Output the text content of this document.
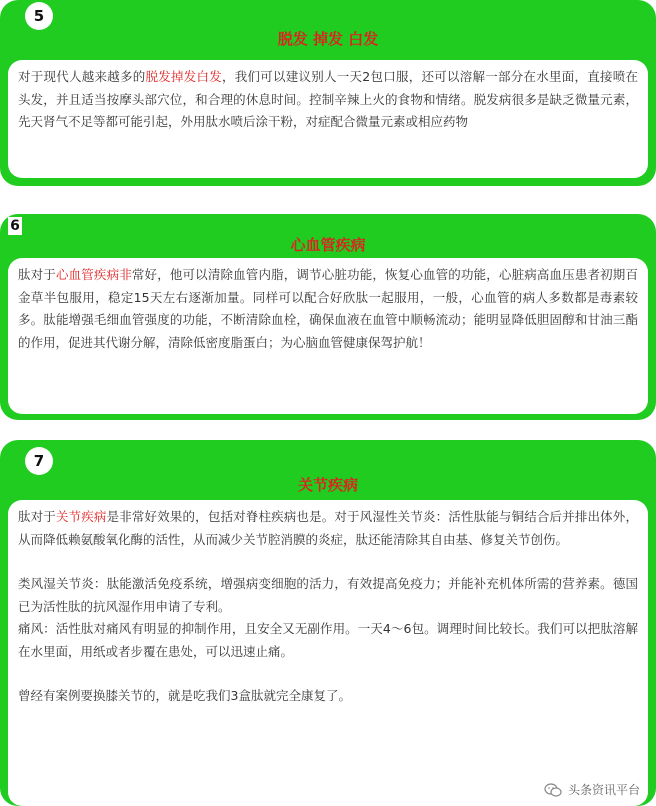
5
脱发 掉发 白发

对于现代人越来越多的脱发掉发白发，我们可以建议别人一天2包口服，还可以溶解一部分在水里面，直接喷在头发，并且适当按摩头部穴位，和合理的休息时间。控制辛辣上火的食物和情绪。脱发病很多是缺乏微量元素，先天肾气不足等都可能引起，外用肽水喷后涂干粉，对症配合微量元素或相应药物

6
心血管疾病

肽对于心血管疾病非常好，他可以清除血管内脂，调节心脏功能，恢复心血管的功能，心脏病高血压患者初期百金草半包服用，稳定15天左右逐渐加量。同样可以配合好欣肽一起服用，一般，心血管的病人多数都是毒素较多。肽能增强毛细血管强度的功能，不断清除血栓，确保血液在血管中顺畅流动；能明显降低胆固醇和甘油三酯的作用，促进其代谢分解，清除低密度脂蛋白；为心脑血管健康保驾护航！

7
关节疾病

肽对于关节疾病是非常好效果的，包括对脊柱疾病也是。对于风湿性关节炎：活性肽能与铜结合后并排出体外，从而降低赖氨酸氧化酶的活性，从而减少关节腔消膜的炎症，肽还能清除其自由基、修复关节创伤。

类风湿关节炎：肽能激活免疫系统，增强病变细胞的活力，有效提高免疫力；并能补充机体所需的营养素。德国已为活性肽的抗风湿作用申请了专利。

痛风：活性肽对痛风有明显的抑制作用，且安全又无副作用。一天4～6包。调理时间比较长。我们可以把肽溶解在水里面，用纸或者步覆在患处，可以迅速止痛。

曾经有案例要换膝关节的，就是吃我们3盒肽就完全康复了。

头条资讯平台
